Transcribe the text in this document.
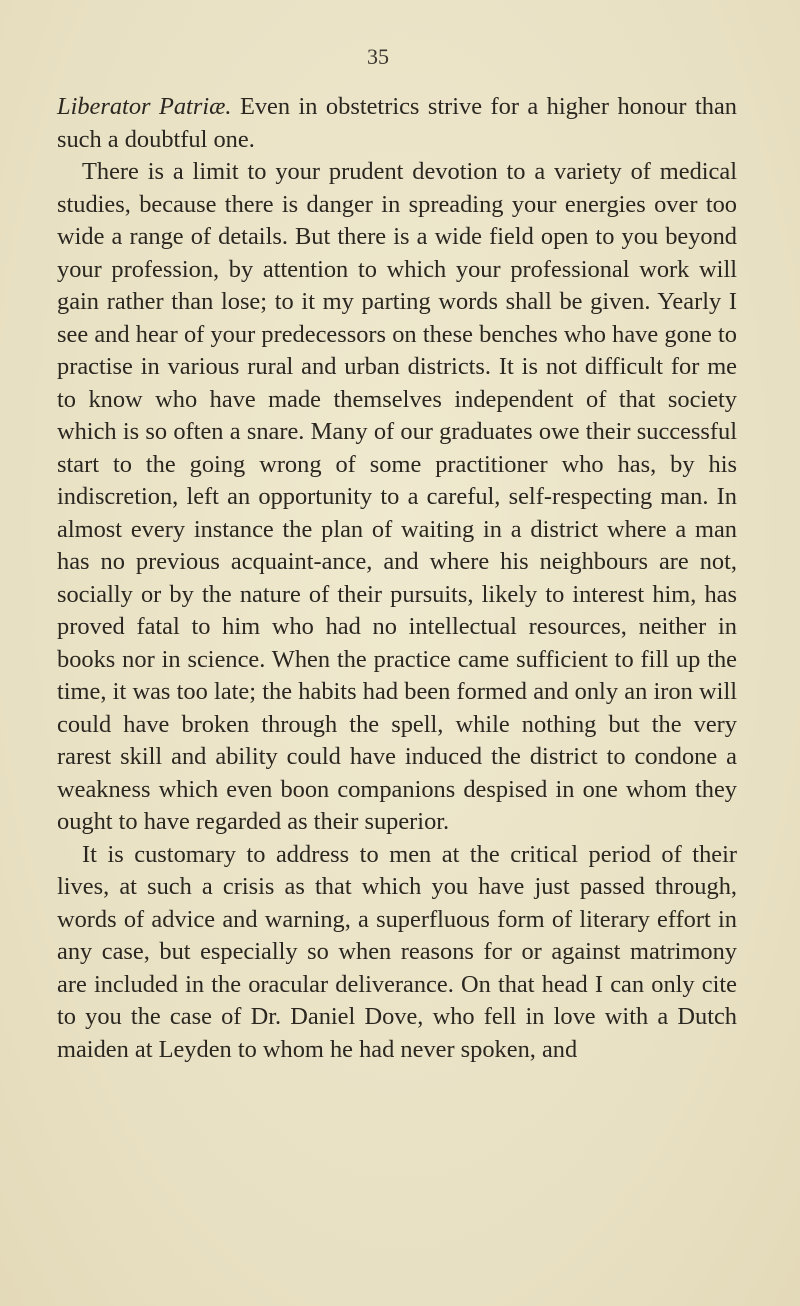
35

Liberator Patriæ. Even in obstetrics strive for a higher honour than such a doubtful one.

There is a limit to your prudent devotion to a variety of medical studies, because there is danger in spreading your energies over too wide a range of details. But there is a wide field open to you beyond your profession, by attention to which your professional work will gain rather than lose; to it my parting words shall be given. Yearly I see and hear of your predecessors on these benches who have gone to practise in various rural and urban districts. It is not difficult for me to know who have made themselves independent of that society which is so often a snare. Many of our graduates owe their successful start to the going wrong of some practitioner who has, by his indiscretion, left an opportunity to a careful, self-respecting man. In almost every instance the plan of waiting in a district where a man has no previous acquaint-ance, and where his neighbours are not, socially or by the nature of their pursuits, likely to interest him, has proved fatal to him who had no intellectual resources, neither in books nor in science. When the practice came sufficient to fill up the time, it was too late; the habits had been formed and only an iron will could have broken through the spell, while nothing but the very rarest skill and ability could have induced the district to condone a weakness which even boon companions despised in one whom they ought to have regarded as their superior.

It is customary to address to men at the critical period of their lives, at such a crisis as that which you have just passed through, words of advice and warning, a superfluous form of literary effort in any case, but especially so when reasons for or against matrimony are included in the oracular deliverance. On that head I can only cite to you the case of Dr. Daniel Dove, who fell in love with a Dutch maiden at Leyden to whom he had never spoken, and
